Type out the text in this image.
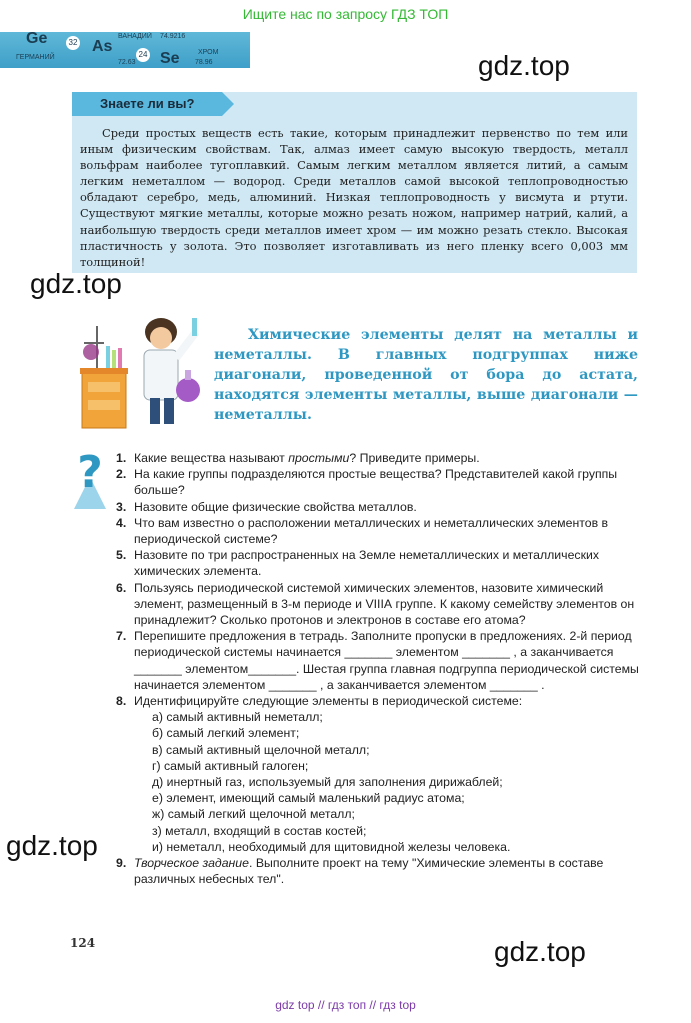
Ищите нас по запросу ГДЗ ТОП
Ge	32
ВАНАДИЙ 74.9216
As	24	ХРОМ
ГЕРМАНИЙ
72.63 Se 78.96	gdz.top
Знаете ли вы?
Среди простых веществ есть такие, которым принадлежит первенство по тем или иным физическим свойствам. Так, алмаз имеет самую высокую твердость, металл вольфрам наиболее тугоплавкий. Самым легким металлом является литий, а самым легким неметаллом — водород. Среди металлов самой высокой теплопроводностью обладают серебро, медь, алюминий. Низкая теплопроводность у висмута и ртути. Существуют мягкие металлы, которые можно резать ножом, например натрий, калий, а наибольшую твердость среди металлов имеет хром — им можно резать стекло. Высокая пластичность у золота. Это позволяет изготавливать из него пленку всего 0,003 мм толщиной!
gdz.top
Химические элементы делят на металлы и неметаллы. В главных подгруппах ниже диагонали, проведенной от бора до астата, находятся элементы металлы, выше диагонали — неметаллы.
? 1. Какие вещества называют простыми? Приведите примеры.
2. На какие группы подразделяются простые вещества? Представителей какой группы больше?
3. Назовите общие физические свойства металлов.
4. Что вам известно о расположении металлических и неметаллических элементов в периодической системе?
5. Назовите по три распространенных на Земле неметаллических и металлических химических элемента.
6. Пользуясь периодической системой химических элементов, назовите химический элемент, размещенный в 3-м периоде и VIIIА группе. К какому семейству элементов он принадлежит? Сколько протонов и электронов в составе его атома?
7. Перепишите предложения в тетрадь. Заполните пропуски в предложениях. 2-й период периодической системы начинается _______ элементом _______ , а заканчивается _______ элементом_______. Шестая группа главная подгруппа периодической системы начинается элементом _______ , а заканчивается элементом _______ .
8. Идентифицируйте следующие элементы в периодической системе:
а) самый активный неметалл;
б) самый легкий элемент;
в) самый активный щелочной металл;
г) самый активный галоген;
д) инертный газ, используемый для заполнения дирижаблей;
е) элемент, имеющий самый маленький радиус атома;
ж) самый легкий щелочной металл;
з) металл, входящий в состав костей;
и) неметалл, необходимый для щитовидной железы человека.
9. Творческое задание. Выполните проект на тему "Химические элементы в составе различных небесных тел".
gdz.top
gdz.top
124
gdz top // гдз топ // гдз top
